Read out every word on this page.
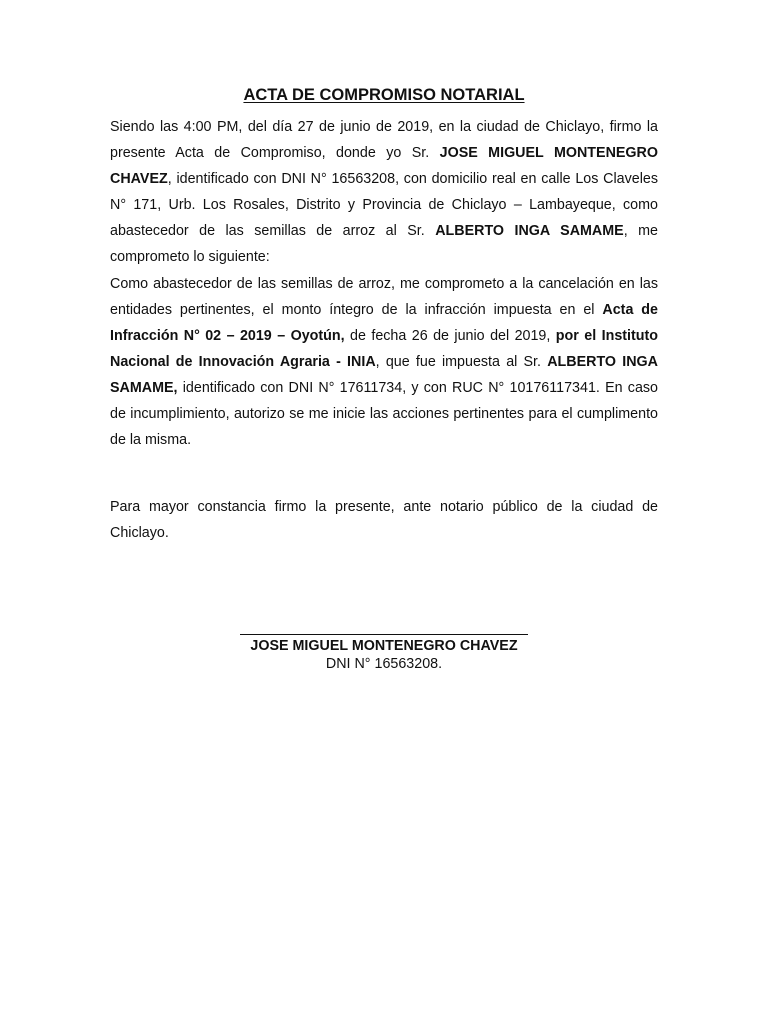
ACTA DE COMPROMISO NOTARIAL

Siendo las 4:00 PM, del día 27 de junio de 2019, en la ciudad de Chiclayo, firmo la presente Acta de Compromiso, donde yo Sr. JOSE MIGUEL MONTENEGRO CHAVEZ, identificado con DNI N° 16563208, con domicilio real en calle Los Claveles N° 171, Urb. Los Rosales, Distrito y Provincia de Chiclayo – Lambayeque, como abastecedor de las semillas de arroz al Sr. ALBERTO INGA SAMAME, me comprometo lo siguiente:

Como abastecedor de las semillas de arroz, me comprometo a la cancelación en las entidades pertinentes, el monto íntegro de la infracción impuesta en el Acta de Infracción N° 02 – 2019 – Oyotún, de fecha 26 de junio del 2019, por el Instituto Nacional de Innovación Agraria - INIA, que fue impuesta al Sr. ALBERTO INGA SAMAME, identificado con DNI N° 17611734, y con RUC N° 10176117341. En caso de incumplimiento, autorizo se me inicie las acciones pertinentes para el cumplimento de la misma.

Para mayor constancia firmo la presente, ante notario público de la ciudad de Chiclayo.

JOSE MIGUEL MONTENEGRO CHAVEZ
DNI N° 16563208.
